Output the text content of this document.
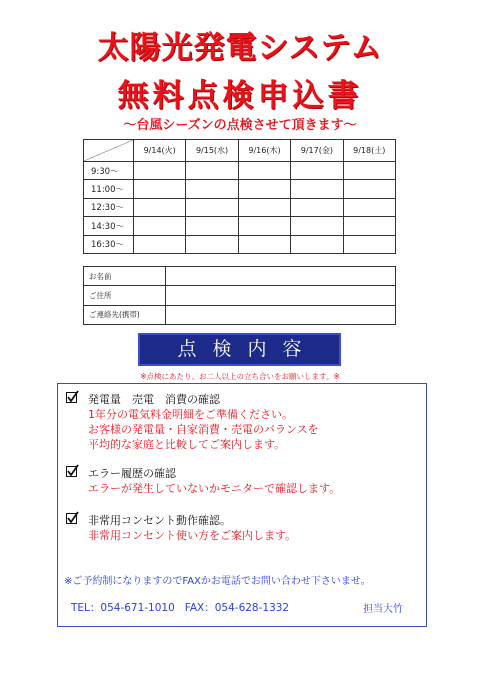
太陽光発電システム
無料点検申込書
〜台風シーズンの点検させて頂きます〜
	9/14(火)	9/15(水)	9/16(木)	9/17(金)	9/18(土)
9:30〜					
11:00〜					
12:30〜					
14:30〜					
16:30〜					
お名前	
ご住所	
ご連絡先(携帯)	
点検内容
※点検にあたり、お二人以上の立ち合いをお願いします。※
発電量　売電　消費の確認
1年分の電気料金明細をご準備ください。
お客様の発電量・自家消費・売電のバランスを
平均的な家庭と比較してご案内します。
エラー履歴の確認
エラーが発生していないかモニターで確認します。
非常用コンセント動作確認。
非常用コンセント使い方をご案内します。
※ご予約制になりますのでFAXかお電話でお問い合わせ下さいませ。
TEL：054-671-1010 FAX：054-628-1332	担当大竹
